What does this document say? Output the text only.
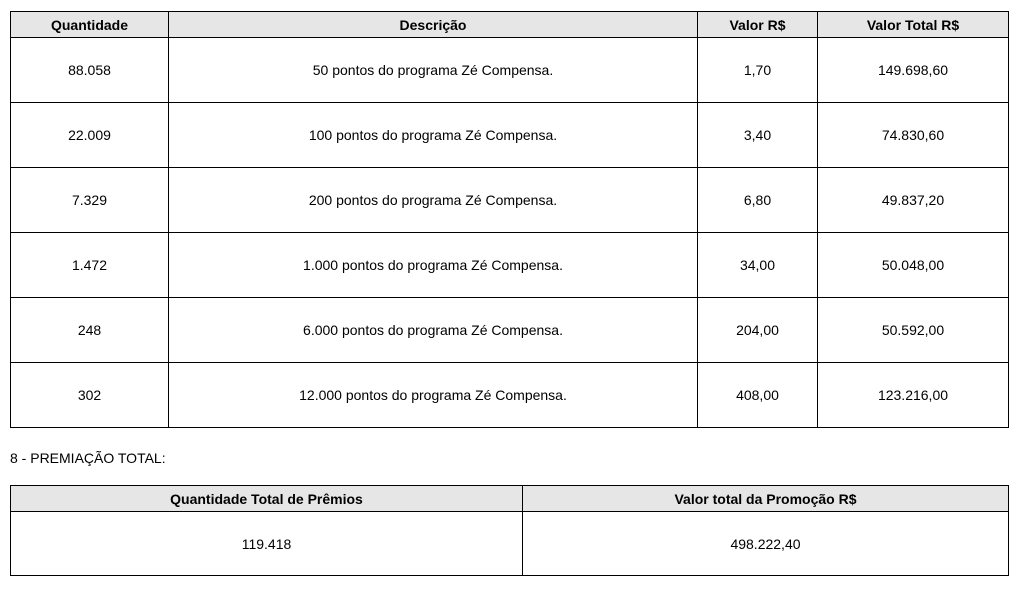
Quantidade	Descrição	Valor R$	Valor Total R$
88.058	50 pontos do programa Zé Compensa.	1,70	149.698,60
22.009	100 pontos do programa Zé Compensa.	3,40	74.830,60
7.329	200 pontos do programa Zé Compensa.	6,80	49.837,20
1.472	1.000 pontos do programa Zé Compensa.	34,00	50.048,00
248	6.000 pontos do programa Zé Compensa.	204,00	50.592,00
302	12.000 pontos do programa Zé Compensa.	408,00	123.216,00

8 - PREMIAÇÃO TOTAL:

Quantidade Total de Prêmios	Valor total da Promoção R$
119.418	498.222,40
